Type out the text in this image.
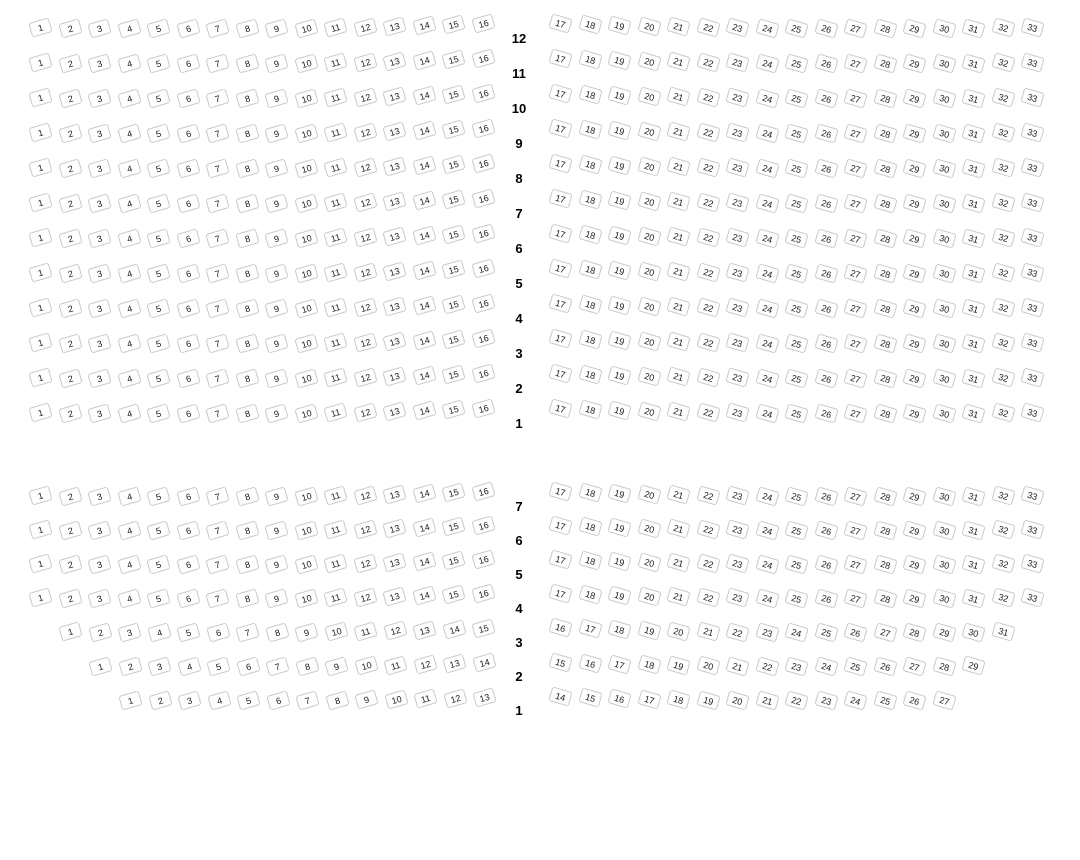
1	2	3	4	5	6	7	8	9	10	11	12	13	14	15	16	17	18	19	20	21	22	23	24	25	26	27	28	29	30	31	32	33
12
1	2	3	4	5	6	7	8	9	10	11	12	13	14	15	16	17	18	19	20	21	22	23	24	25	26	27	28	29	30	31	32	33
11
1	2	3	4	5	6	7	8	9	10	11	12	13	14	15	16	17	18	19	20	21	22	23	24	25	26	27	28	29	30	31	32	33
10
1	2	3	4	5	6	7	8	9	10	11	12	13	14	15	16	17	18	19	20	21	22	23	24	25	26	27	28	29	30	31	32	33
9
1	2	3	4	5	6	7	8	9	10	11	12	13	14	15	16	17	18	19	20	21	22	23	24	25	26	27	28	29	30	31	32	33
8
1	2	3	4	5	6	7	8	9	10	11	12	13	14	15	16	17	18	19	20	21	22	23	24	25	26	27	28	29	30	31	32	33
7
1	2	3	4	5	6	7	8	9	10	11	12	13	14	15	16	17	18	19	20	21	22	23	24	25	26	27	28	29	30	31	32	33
6
1	2	3	4	5	6	7	8	9	10	11	12	13	14	15	16	17	18	19	20	21	22	23	24	25	26	27	28	29	30	31	32	33
5
1	2	3	4	5	6	7	8	9	10	11	12	13	14	15	16	17	18	19	20	21	22	23	24	25	26	27	28	29	30	31	32	33
4
1	2	3	4	5	6	7	8	9	10	11	12	13	14	15	16	17	18	19	20	21	22	23	24	25	26	27	28	29	30	31	32	33
3
1	2	3	4	5	6	7	8	9	10	11	12	13	14	15	16	17	18	19	20	21	22	23	24	25	26	27	28	29	30	31	32	33
2
1	2	3	4	5	6	7	8	9	10	11	12	13	14	15	16	17	18	19	20	21	22	23	24	25	26	27	28	29	30	31	32	33
1
1	2	3	4	5	6	7	8	9	10	11	12	13	14	15	16	17	18	19	20	21	22	23	24	25	26	27	28	29	30	31	32	33
7
1	2	3	4	5	6	7	8	9	10	11	12	13	14	15	16	17	18	19	20	21	22	23	24	25	26	27	28	29	30	31	32	33
6
1	2	3	4	5	6	7	8	9	10	11	12	13	14	15	16	17	18	19	20	21	22	23	24	25	26	27	28	29	30	31	32	33
5
1	2	3	4	5	6	7	8	9	10	11	12	13	14	15	16	17	18	19	20	21	22	23	24	25	26	27	28	29	30	31	32	33
4
1	2	3	4	5	6	7	8	9	10	11	12	13	14	15	16	17	18	19	20	21	22	23	24	25	26	27	28	29	30	31
3
1	2	3	4	5	6	7	8	9	10	11	12	13	14	15	16	17	18	19	20	21	22	23	24	25	26	27	28	29
2
1	2	3	4	5	6	7	8	9	10	11	12	13	14	15	16	17	18	19	20	21	22	23	24	25	26	27
1
